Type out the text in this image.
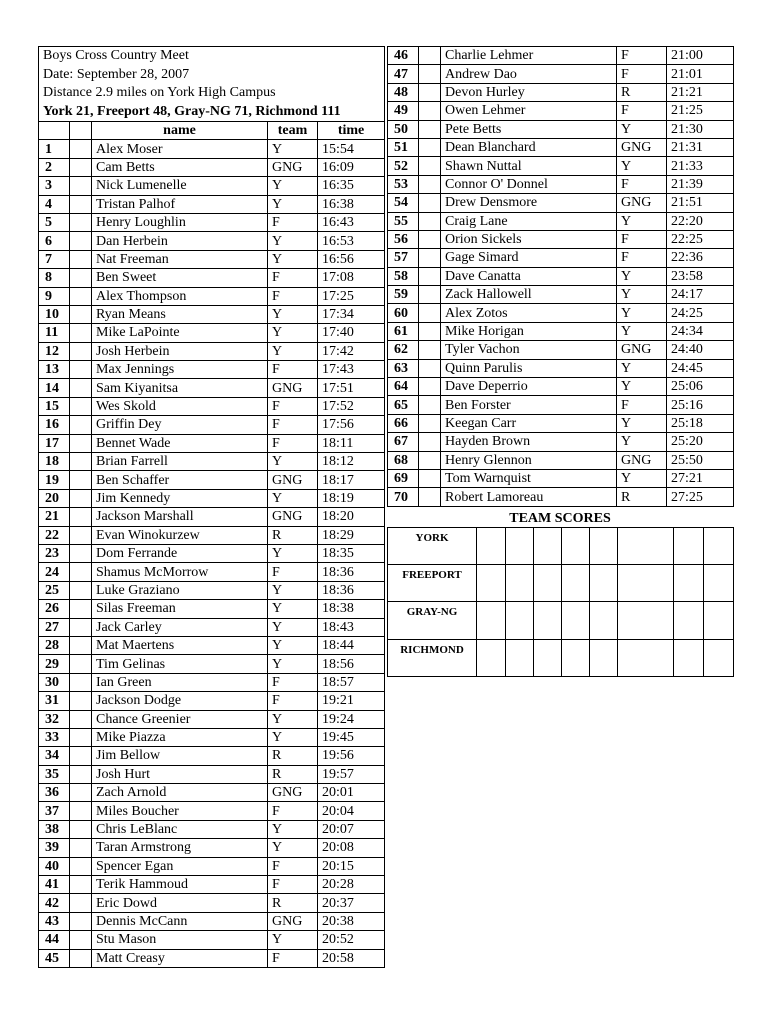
Boys Cross Country Meet				
Date: September 28, 2007				
Distance 2.9 miles on York High Campus				
York 21, Freeport 48, Gray-NG 71, Richmond 111				
		name	team	time
1		Alex Moser	Y	15:54
2		Cam Betts	GNG	16:09
3		Nick Lumenelle	Y	16:35
4		Tristan Palhof	Y	16:38
5		Henry Loughlin	F	16:43
6		Dan Herbein	Y	16:53
7		Nat Freeman	Y	16:56
8		Ben Sweet	F	17:08
9		Alex Thompson	F	17:25
10		Ryan Means	Y	17:34
11		Mike LaPointe	Y	17:40
12		Josh Herbein	Y	17:42
13		Max Jennings	F	17:43
14		Sam Kiyanitsa	GNG	17:51
15		Wes Skold	F	17:52
16		Griffin Dey	F	17:56
17		Bennet Wade	F	18:11
18		Brian Farrell	Y	18:12
19		Ben Schaffer	GNG	18:17
20		Jim Kennedy	Y	18:19
21		Jackson Marshall	GNG	18:20
22		Evan Winokurzew	R	18:29
23		Dom Ferrande	Y	18:35
24		Shamus McMorrow	F	18:36
25		Luke Graziano	Y	18:36
26		Silas Freeman	Y	18:38
27		Jack Carley	Y	18:43
28		Mat Maertens	Y	18:44
29		Tim Gelinas	Y	18:56
30		Ian Green	F	18:57
31		Jackson Dodge	F	19:21
32		Chance Greenier	Y	19:24
33		Mike Piazza	Y	19:45
34		Jim Bellow	R	19:56
35		Josh Hurt	R	19:57
36		Zach Arnold	GNG	20:01
37		Miles Boucher	F	20:04
38		Chris LeBlanc	Y	20:07
39		Taran Armstrong	Y	20:08
40		Spencer Egan	F	20:15
41		Terik Hammoud	F	20:28
42		Eric Dowd	R	20:37
43		Dennis McCann	GNG	20:38
44		Stu Mason	Y	20:52
45		Matt Creasy	F	20:58
46		Charlie Lehmer	F	21:00
47		Andrew Dao	F	21:01
48		Devon Hurley	R	21:21
49		Owen Lehmer	F	21:25
50		Pete Betts	Y	21:30
51		Dean Blanchard	GNG	21:31
52		Shawn Nuttal	Y	21:33
53		Connor O' Donnel	F	21:39
54		Drew Densmore	GNG	21:51
55		Craig Lane	Y	22:20
56		Orion Sickels	F	22:25
57		Gage Simard	F	22:36
58		Dave Canatta	Y	23:58
59		Zack Hallowell	Y	24:17
60		Alex Zotos	Y	24:25
61		Mike Horigan	Y	24:34
62		Tyler Vachon	GNG	24:40
63		Quinn Parulis	Y	24:45
64		Dave Deperrio	Y	25:06
65		Ben Forster	F	25:16
66		Keegan Carr	Y	25:18
67		Hayden Brown	Y	25:20
68		Henry Glennon	GNG	25:50
69		Tom Warnquist	Y	27:21
70		Robert Lamoreau	R	27:25
TEAM SCORES
YORK								
FREEPORT								
GRAY-NG								
RICHMOND								
